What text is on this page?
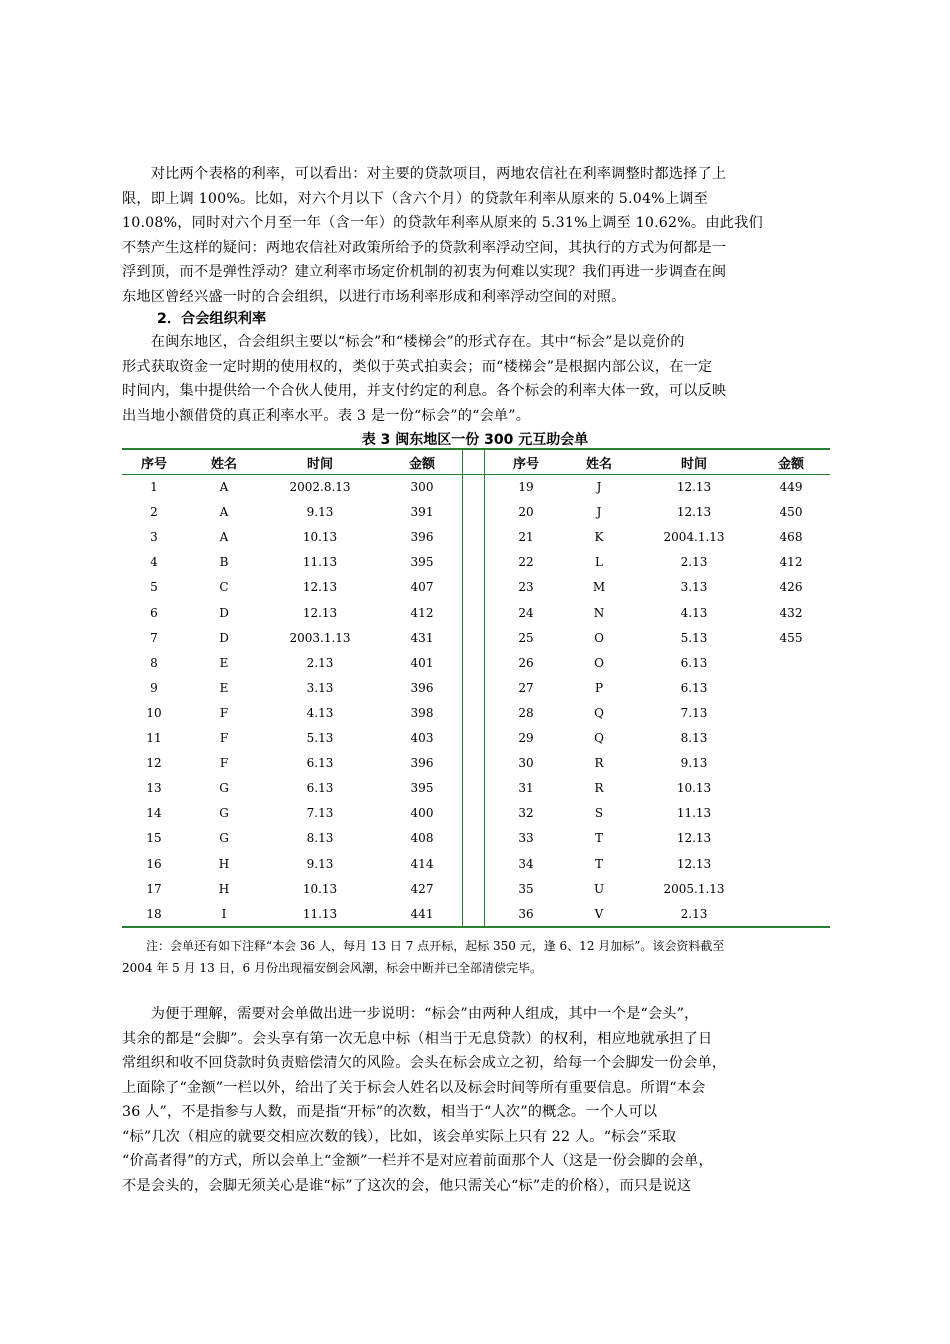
　　对比两个表格的利率，可以看出：对主要的贷款项目，两地农信社在利率调整时都选择了上
限，即上调 100%。比如，对六个月以下（含六个月）的贷款年利率从原来的 5.04%上调至
10.08%，同时对六个月至一年（含一年）的贷款年利率从原来的 5.31%上调至 10.62%。由此我们
不禁产生这样的疑问：两地农信社对政策所给予的贷款利率浮动空间，其执行的方式为何都是一
浮到顶，而不是弹性浮动？建立利率市场定价机制的初衷为何难以实现？我们再进一步调查在闽
东地区曾经兴盛一时的合会组织，以进行市场利率形成和利率浮动空间的对照。
2．合会组织利率
　　在闽东地区，合会组织主要以“标会”和“楼梯会”的形式存在。其中“标会”是以竞价的
形式获取资金一定时期的使用权的，类似于英式拍卖会；而“楼梯会”是根据内部公议，在一定
时间内，集中提供给一个合伙人使用，并支付约定的利息。各个标会的利率大体一致，可以反映
出当地小额借贷的真正利率水平。表 3 是一份“标会”的“会单”。
表 3 闽东地区一份 300 元互助会单
序号	姓名	时间	金额	序号	姓名	时间	金额
1	A	2002.8.13	300
2	A	9.13	391
3	A	10.13	396
4	B	11.13	395
5	C	12.13	407
6	D	12.13	412
7	D	2003.1.13	431
8	E	2.13	401
9	E	3.13	396
10	F	4.13	398
11	F	5.13	403
12	F	6.13	396
13	G	6.13	395
14	G	7.13	400
15	G	8.13	408
16	H	9.13	414
17	H	10.13	427
18	I	11.13	441
19	J	12.13	449
20	J	12.13	450
21	K	2004.1.13	468
22	L	2.13	412
23	M	3.13	426
24	N	4.13	432
25	O	5.13	455
26	O	6.13
27	P	6.13
28	Q	7.13
29	Q	8.13
30	R	9.13
31	R	10.13
32	S	11.13
33	T	12.13
34	T	12.13
35	U	2005.1.13
36	V	2.13
　　注：会单还有如下注释“本会 36 人，每月 13 日 7 点开标，起标 350 元，逢 6、12 月加标”。该会资料截至
2004 年 5 月 13 日，6 月份出现福安倒会风潮，标会中断并已全部清偿完毕。
　　为便于理解，需要对会单做出进一步说明：“标会”由两种人组成，其中一个是“会头”，
其余的都是“会脚”。会头享有第一次无息中标（相当于无息贷款）的权利，相应地就承担了日
常组织和收不回贷款时负责赔偿清欠的风险。会头在标会成立之初，给每一个会脚发一份会单，
上面除了“金额”一栏以外，给出了关于标会人姓名以及标会时间等所有重要信息。所谓“本会
36 人”，不是指参与人数，而是指“开标”的次数，相当于“人次”的概念。一个人可以
“标”几次（相应的就要交相应次数的钱），比如，该会单实际上只有 22 人。“标会”采取
“价高者得”的方式，所以会单上“金额”一栏并不是对应着前面那个人（这是一份会脚的会单，
不是会头的，会脚无须关心是谁“标”了这次的会，他只需关心“标”走的价格），而只是说这
